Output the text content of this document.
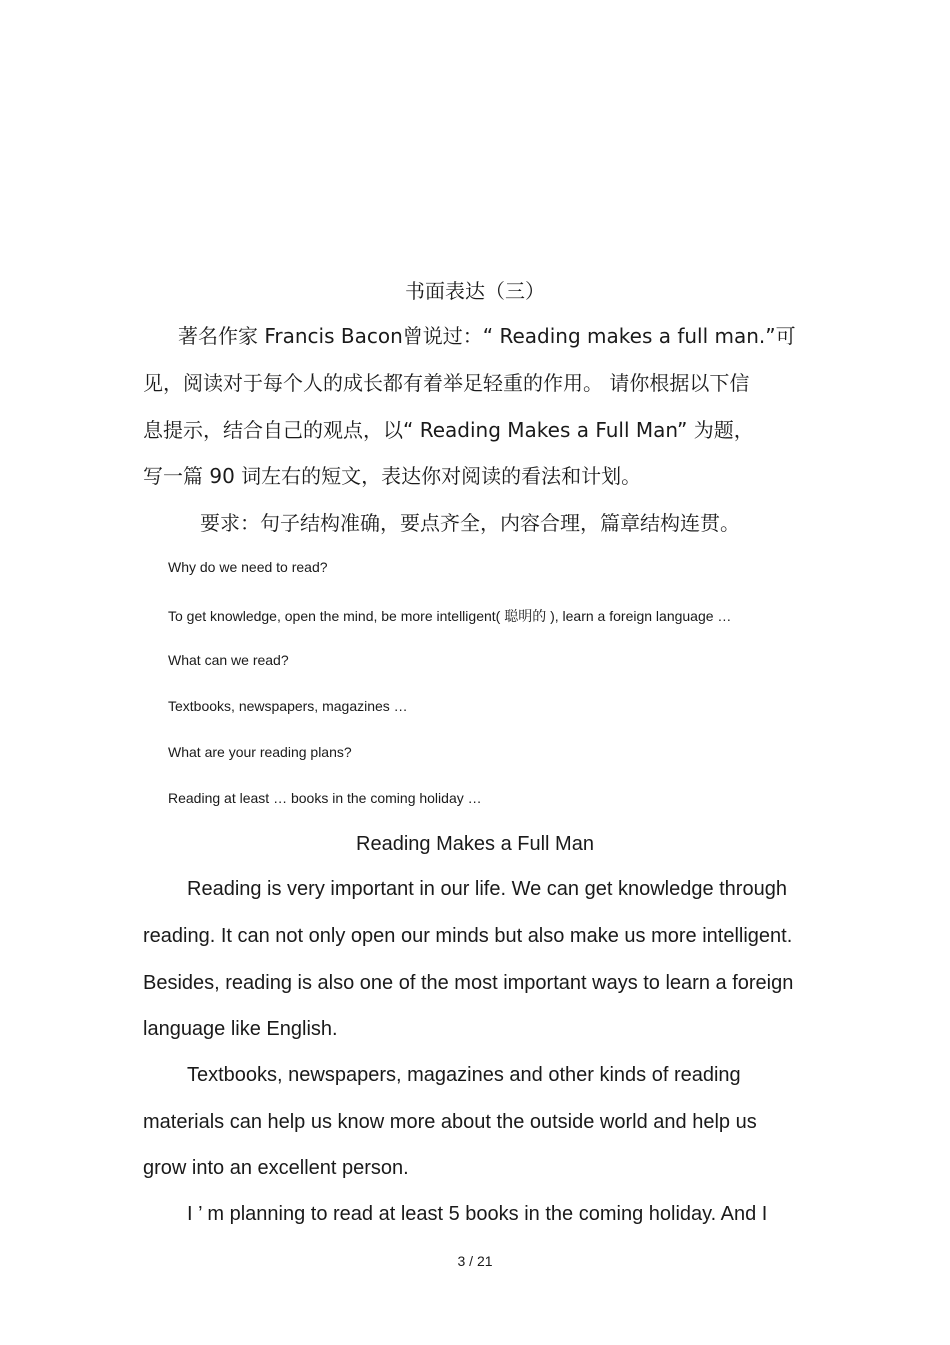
书面表达（三）
著名作家 Francis Bacon曾说过：“ Reading makes a full man.”可
见，阅读对于每个人的成长都有着举足轻重的作用。 请你根据以下信
息提示，结合自己的观点，以“ Reading Makes a Full Man” 为题，
写一篇 90 词左右的短文，表达你对阅读的看法和计划。
要求：句子结构准确，要点齐全，内容合理，篇章结构连贯。
Why do we need to read?
To get knowledge, open the mind, be more intelligent( 聪明的 ), learn a foreign language …
What can we read?
Textbooks, newspapers, magazines …
What are your reading plans?
Reading at least … books in the coming holiday …
Reading Makes a Full Man
Reading is very important in our life. We can get knowledge through
reading. It can not only open our minds but also make us more intelligent.
Besides, reading is also one of the most important ways to learn a foreign
language like English.
Textbooks, newspapers, magazines and other kinds of reading
materials can help us know more about the outside world and help us
grow into an excellent person.
I ’ m planning to read at least 5 books in the coming holiday. And I
3 / 21
